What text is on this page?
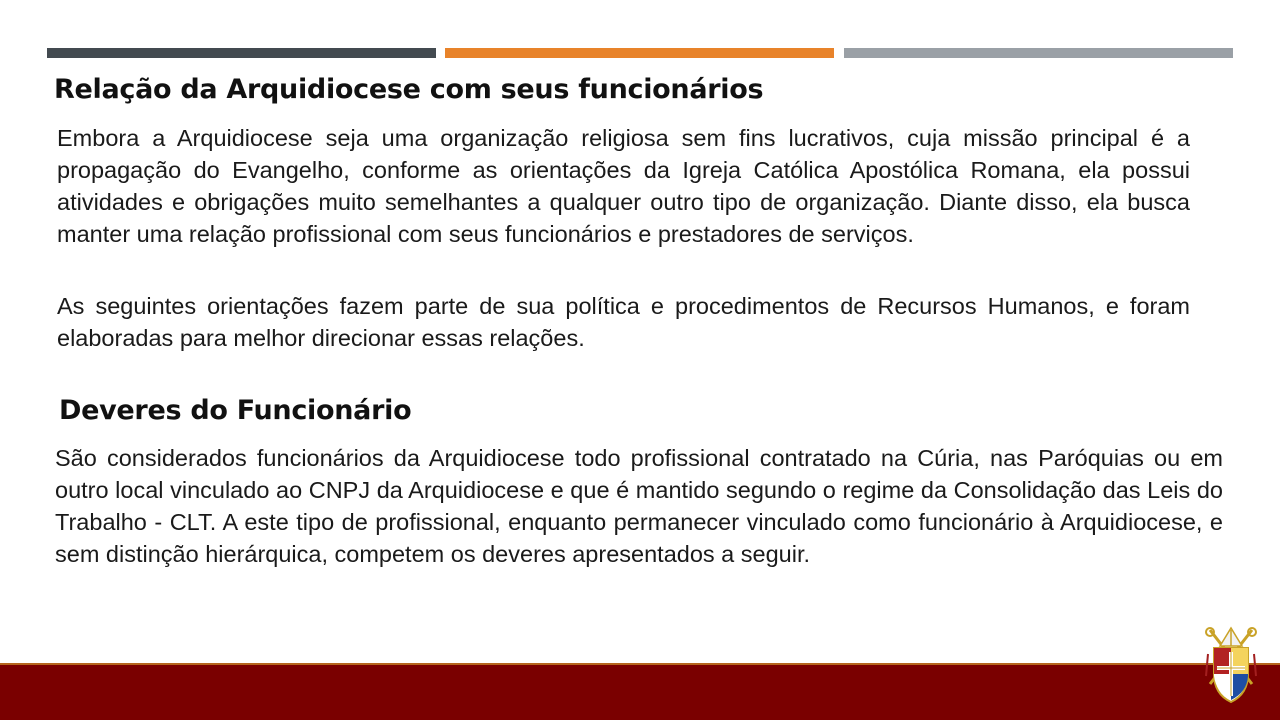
Relação da Arquidiocese com seus funcionários

Embora a Arquidiocese seja uma organização religiosa sem fins lucrativos, cuja missão principal é a propagação do Evangelho, conforme as orientações da Igreja Católica Apostólica Romana, ela possui atividades e obrigações muito semelhantes a qualquer outro tipo de organização. Diante disso, ela busca manter uma relação profissional com seus funcionários e prestadores de serviços.

As seguintes orientações fazem parte de sua política e procedimentos de Recursos Humanos, e foram elaboradas para melhor direcionar essas relações.

Deveres do Funcionário

São considerados funcionários da Arquidiocese todo profissional contratado na Cúria, nas Paróquias ou em outro local vinculado ao CNPJ da Arquidiocese e que é mantido segundo o regime da Consolidação das Leis do Trabalho - CLT. A este tipo de profissional, enquanto permanecer vinculado como funcionário à Arquidiocese, e sem distinção hierárquica, competem os deveres apresentados a seguir.
